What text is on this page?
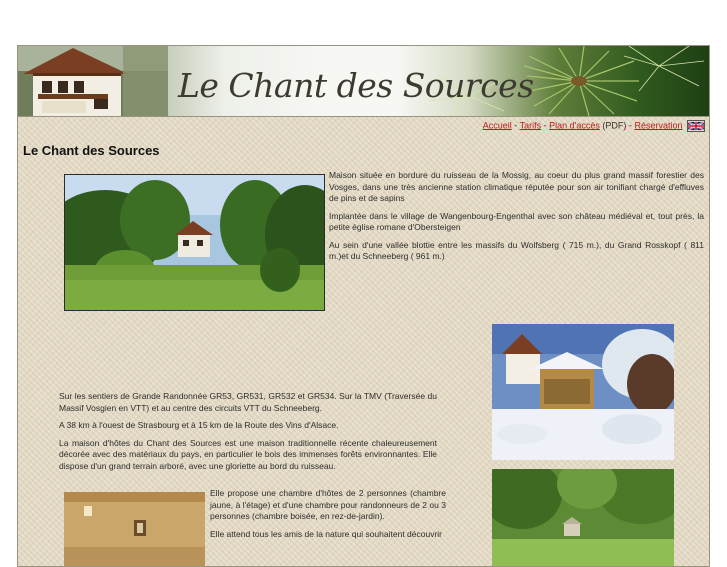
Le Chant des Sources
Accueil - Tarifs - Plan d'accès (PDF) - Réservation
Le Chant des Sources

Maison située en bordure du ruisseau de la Mossig, au coeur du plus grand massif forestier des Vosges, dans une très ancienne station climatique réputée pour son air tonifiant chargé d'effluves de pins et de sapins

Implantée dans le village de Wangenbourg-Engenthal avec son château médiéval et, tout près, la petite église romane d'Obersteigen

Au sein d'une vallée blottie entre les massifs du Wolfsberg ( 715 m.), du Grand Rosskopf ( 811 m.)et du Schneeberg ( 961 m.)

Sur les sentiers de Grande Randonnée GR53, GR531, GR532 et GR534. Sur la TMV (Traversée du Massif Vosgien en VTT) et au centre des circuits VTT du Schneeberg.

A 38 km à l'ouest de Strasbourg et à 15 km de la Route des Vins d'Alsace.

La maison d'hôtes du Chant des Sources est une maison traditionnelle récente chaleureusement décorée avec des matériaux du pays, en particulier le bois des immenses forêts environnantes. Elle dispose d'un grand terrain arboré, avec une gloriette au bord du ruisseau.

Elle propose une chambre d'hôtes de 2 personnes (chambre jaune, à l'étage) et d'une chambre pour randonneurs de 2 ou 3 personnes (chambre boisée, en rez-de-jardin).

Elle attend tous les amis de la nature qui souhaitent découvrir
